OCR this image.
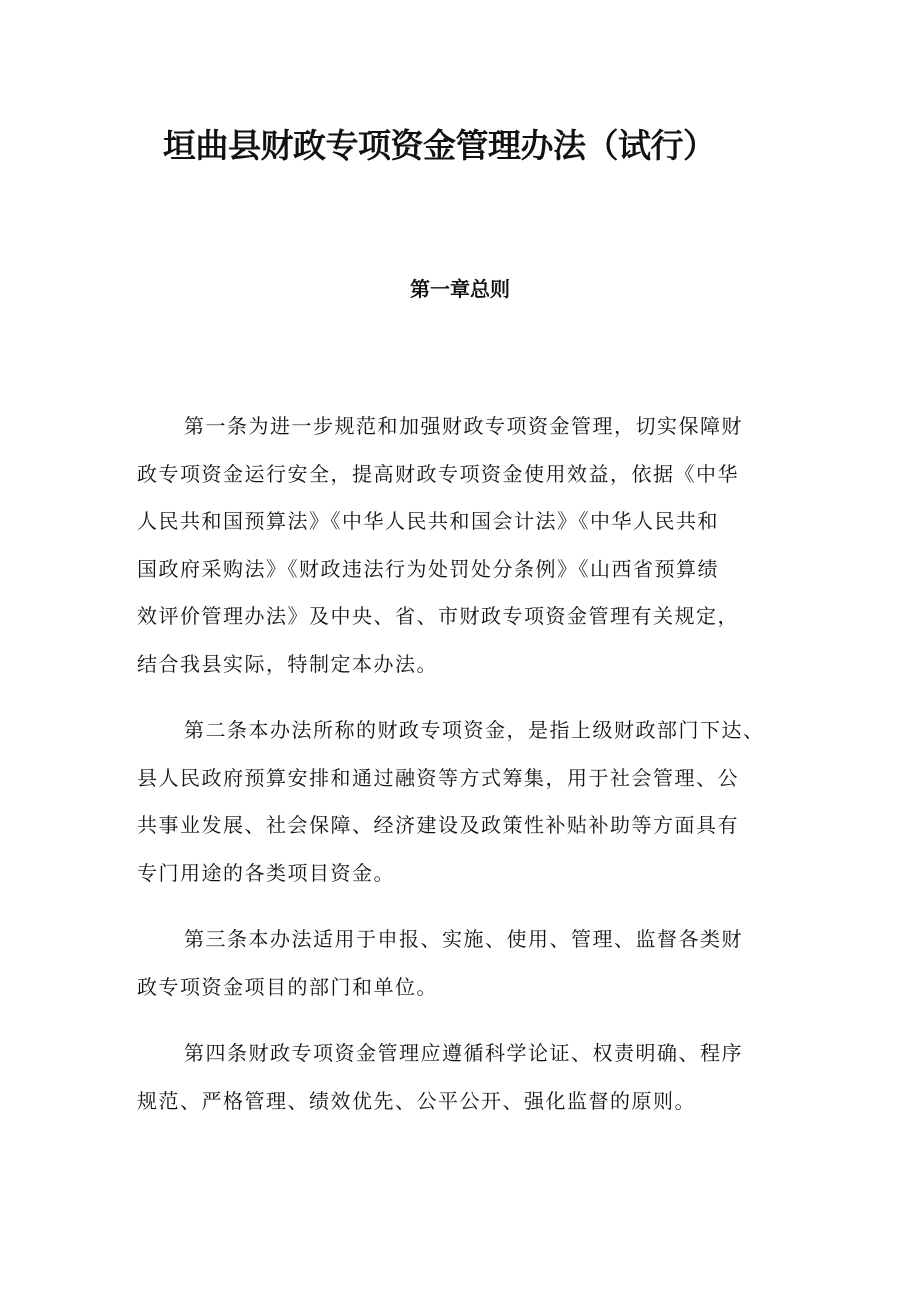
垣曲县财政专项资金管理办法（试行）
第一章总则

第一条为进一步规范和加强财政专项资金管理，切实保障财
政专项资金运行安全，提高财政专项资金使用效益，依据《中华
人民共和国预算法》《中华人民共和国会计法》《中华人民共和
国政府采购法》《财政违法行为处罚处分条例》《山西省预算绩
效评价管理办法》及中央、省、市财政专项资金管理有关规定，
结合我县实际，特制定本办法。

第二条本办法所称的财政专项资金，是指上级财政部门下达、
县人民政府预算安排和通过融资等方式筹集，用于社会管理、公
共事业发展、社会保障、经济建设及政策性补贴补助等方面具有
专门用途的各类项目资金。

第三条本办法适用于申报、实施、使用、管理、监督各类财
政专项资金项目的部门和单位。

第四条财政专项资金管理应遵循科学论证、权责明确、程序
规范、严格管理、绩效优先、公平公开、强化监督的原则。
